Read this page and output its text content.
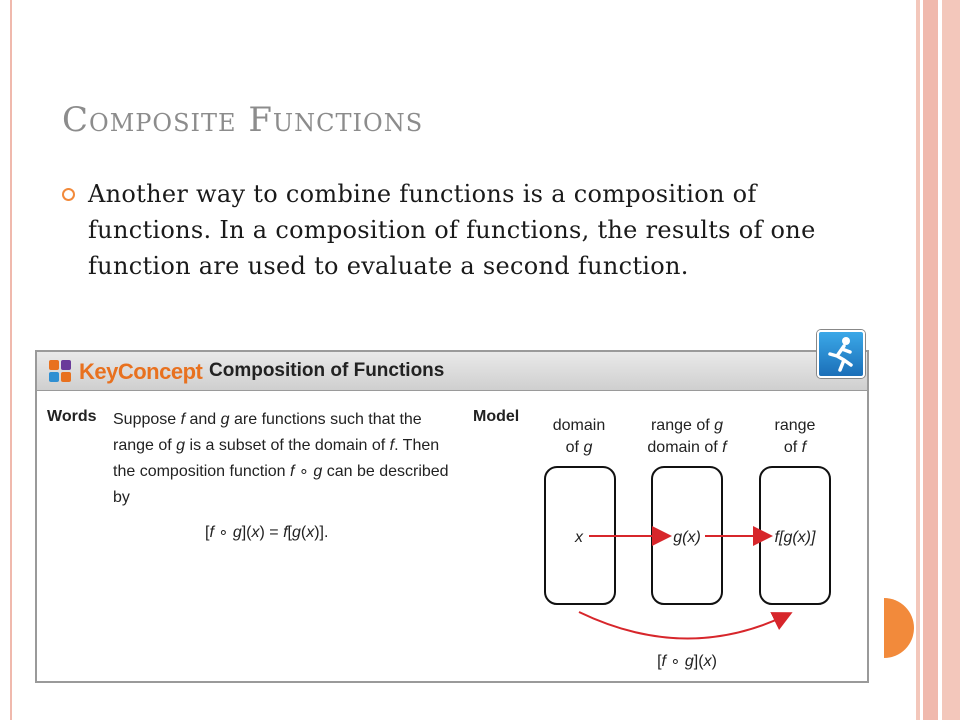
Composite Functions
Another way to combine functions is a composition of functions. In a composition of functions, the results of one function are used to evaluate a second function.
KeyConcept Composition of Functions
Words Suppose f and g are functions such that the range of g is a subset of the domain of f. Then the composition function f ∘ g can be described by
[f ∘ g](x) = f[g(x)].
Model
domain
of g
range of g
domain of f
range
of f
x	g(x)	f[g(x)]
[f ∘ g](x)
